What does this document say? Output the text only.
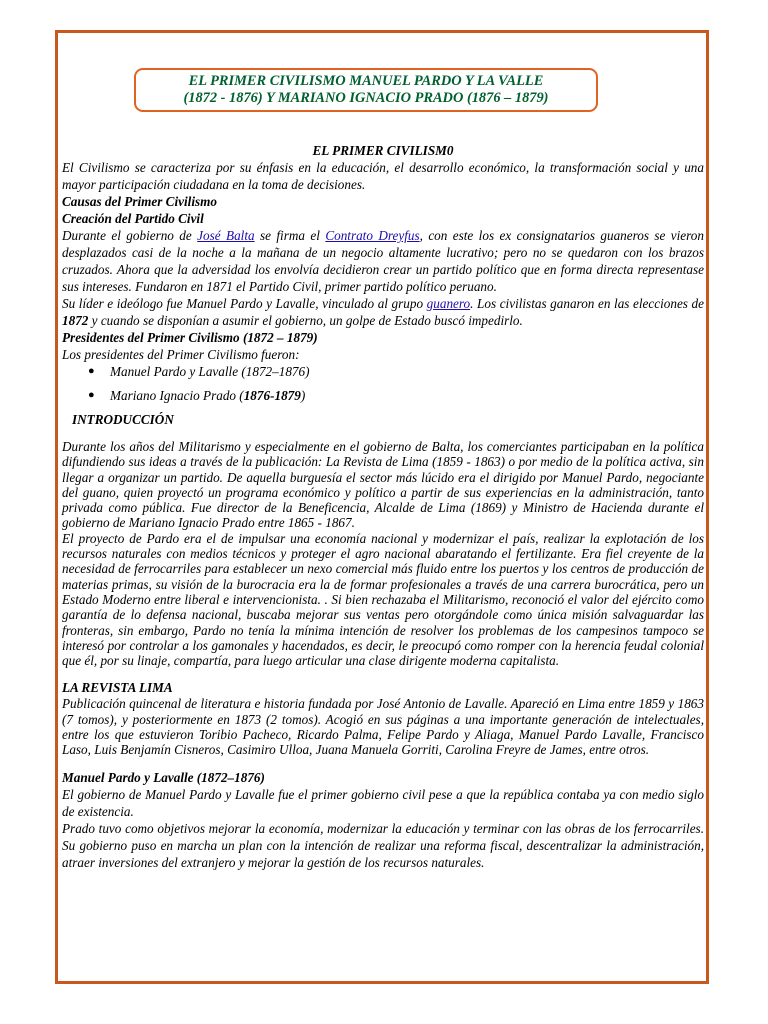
EL PRIMER CIVILISMO MANUEL PARDO Y LA VALLE
(1872 - 1876) Y MARIANO IGNACIO PRADO (1876 – 1879)

EL PRIMER CIVILISM0

El Civilismo se caracteriza por su énfasis en la educación, el desarrollo económico, la transformación social y una mayor participación ciudadana en la toma de decisiones.

Causas del Primer Civilismo

Creación del Partido Civil

Durante el gobierno de José Balta se firma el Contrato Dreyfus, con este los ex consignatarios guaneros se vieron desplazados casi de la noche a la mañana de un negocio altamente lucrativo; pero no se quedaron con los brazos cruzados. Ahora que la adversidad los envolvía decidieron crear un partido político que en forma directa representase sus intereses. Fundaron en 1871 el Partido Civil, primer partido político peruano.

Su líder e ideólogo fue Manuel Pardo y Lavalle, vinculado al grupo guanero. Los civilistas ganaron en las elecciones de 1872 y cuando se disponían a asumir el gobierno, un golpe de Estado buscó impedirlo.

Presidentes del Primer Civilismo (1872 – 1879)

Los presidentes del Primer Civilismo fueron:

● Manuel Pardo y Lavalle (1872–1876)
● Mariano Ignacio Prado (1876-1879)

INTRODUCCIÓN

Durante los años del Militarismo y especialmente en el gobierno de Balta, los comerciantes participaban en la política difundiendo sus ideas a través de la publicación: La Revista de Lima (1859 - 1863) o por medio de la política activa, sin llegar a organizar un partido. De aquella burguesía el sector más lúcido era el dirigido por Manuel Pardo, negociante del guano, quien proyectó un programa económico y político a partir de sus experiencias en la administración, tanto privada como pública. Fue director de la Beneficencia, Alcalde de Lima (1869) y Ministro de Hacienda durante el gobierno de Mariano Ignacio Prado entre 1865 - 1867.

El proyecto de Pardo era el de impulsar una economía nacional y modernizar el país, realizar la explotación de los recursos naturales con medios técnicos y proteger el agro nacional abaratando el fertilizante. Era fiel creyente de la necesidad de ferrocarriles para establecer un nexo comercial más fluido entre los puertos y los centros de producción de materias primas, su visión de la burocracia era la de formar profesionales a través de una carrera burocrática, pero un Estado Moderno entre liberal e intervencionista. . Si bien rechazaba el Militarismo, reconoció el valor del ejército como garantía de lo defensa nacional, buscaba mejorar sus ventas pero otorgándole como única misión salvaguardar las fronteras, sin embargo, Pardo no tenía la mínima intención de resolver los problemas de los campesinos tampoco se interesó por controlar a los gamonales y hacendados, es decir, le preocupó como romper con la herencia feudal colonial que él, por su linaje, compartía, para luego articular una clase dirigente moderna capitalista.

LA REVISTA LIMA

Publicación quincenal de literatura e historia fundada por José Antonio de Lavalle. Apareció en Lima entre 1859 y 1863 (7 tomos), y posteriormente en 1873 (2 tomos). Acogió en sus páginas a una importante generación de intelectuales, entre los que estuvieron Toribio Pacheco, Ricardo Palma, Felipe Pardo y Aliaga, Manuel Pardo Lavalle, Francisco Laso, Luis Benjamín Cisneros, Casimiro Ulloa, Juana Manuela Gorriti, Carolina Freyre de James, entre otros.

Manuel Pardo y Lavalle (1872–1876)

El gobierno de Manuel Pardo y Lavalle fue el primer gobierno civil pese a que la república contaba ya con medio siglo de existencia.

Prado tuvo como objetivos mejorar la economía, modernizar la educación y terminar con las obras de los ferrocarriles. Su gobierno puso en marcha un plan con la intención de realizar una reforma fiscal, descentralizar la administración, atraer inversiones del extranjero y mejorar la gestión de los recursos naturales.
